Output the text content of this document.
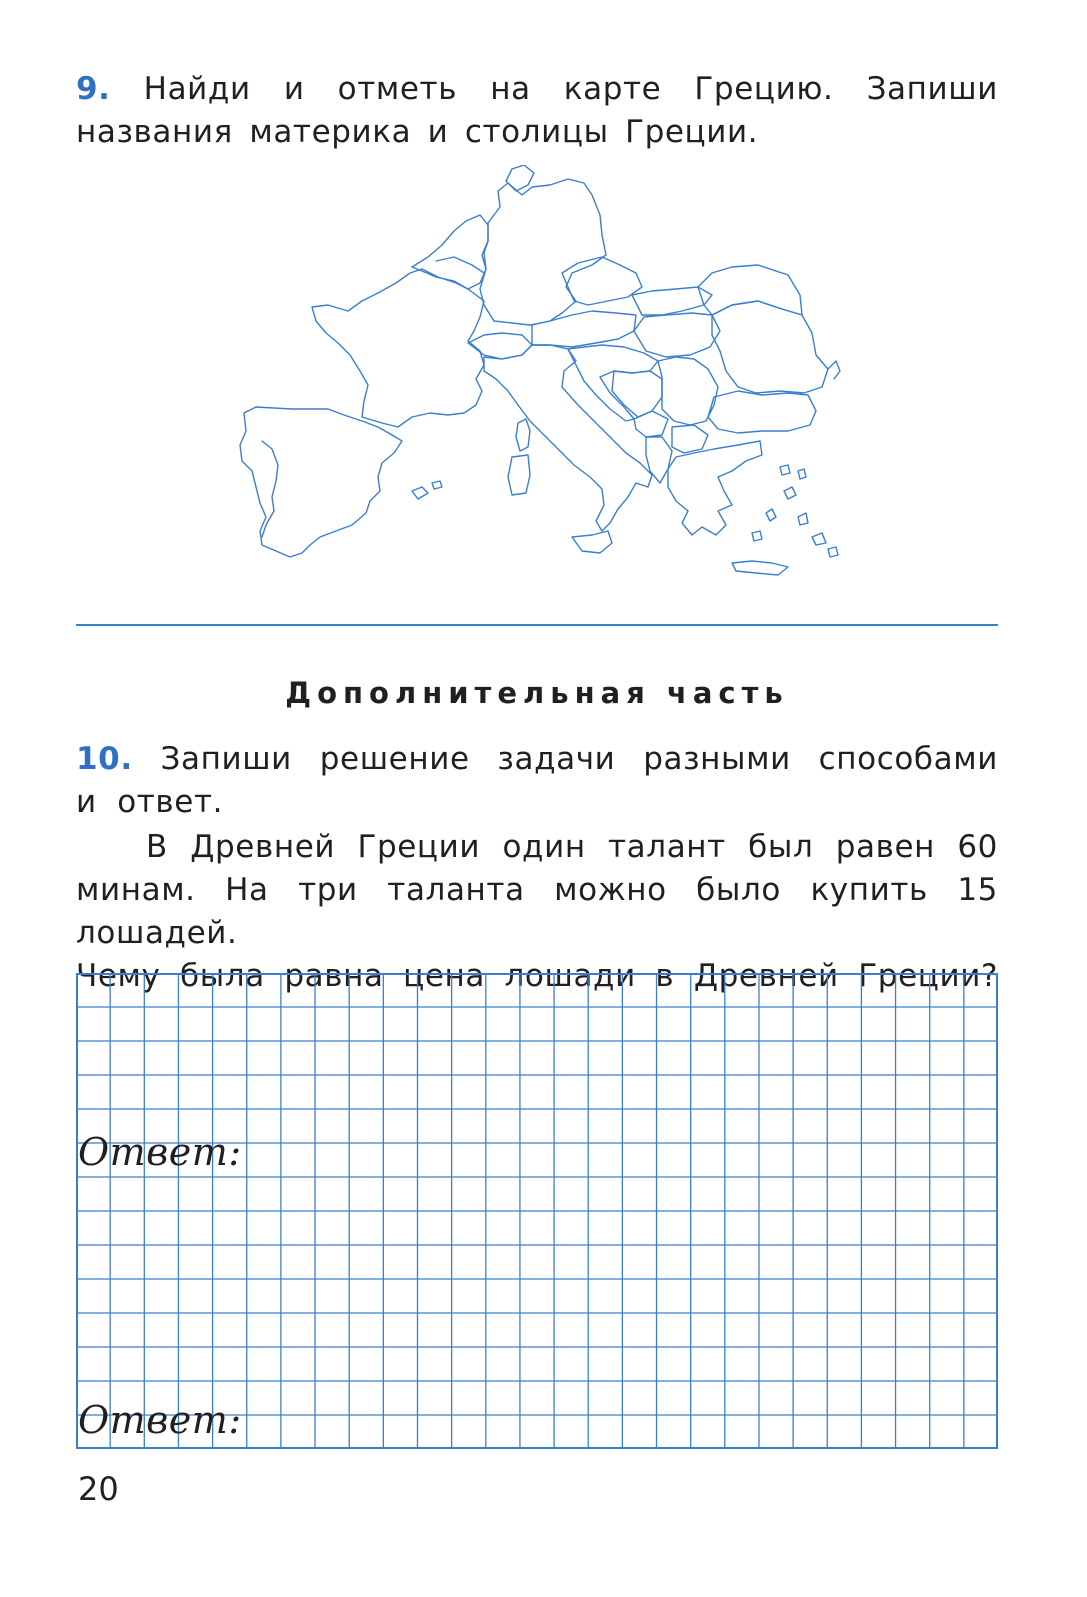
9. Найди и отметь на карте Грецию. Запиши названия материка и столицы Греции.
Дополнительная часть
10. Запиши решение задачи разными способами и ответ.
В Древней Греции один талант был равен 60 минам. На три таланта можно было купить 15 лошадей.
Чему была равна цена лошади в Древней Греции?
Ответ:
Ответ:
20
